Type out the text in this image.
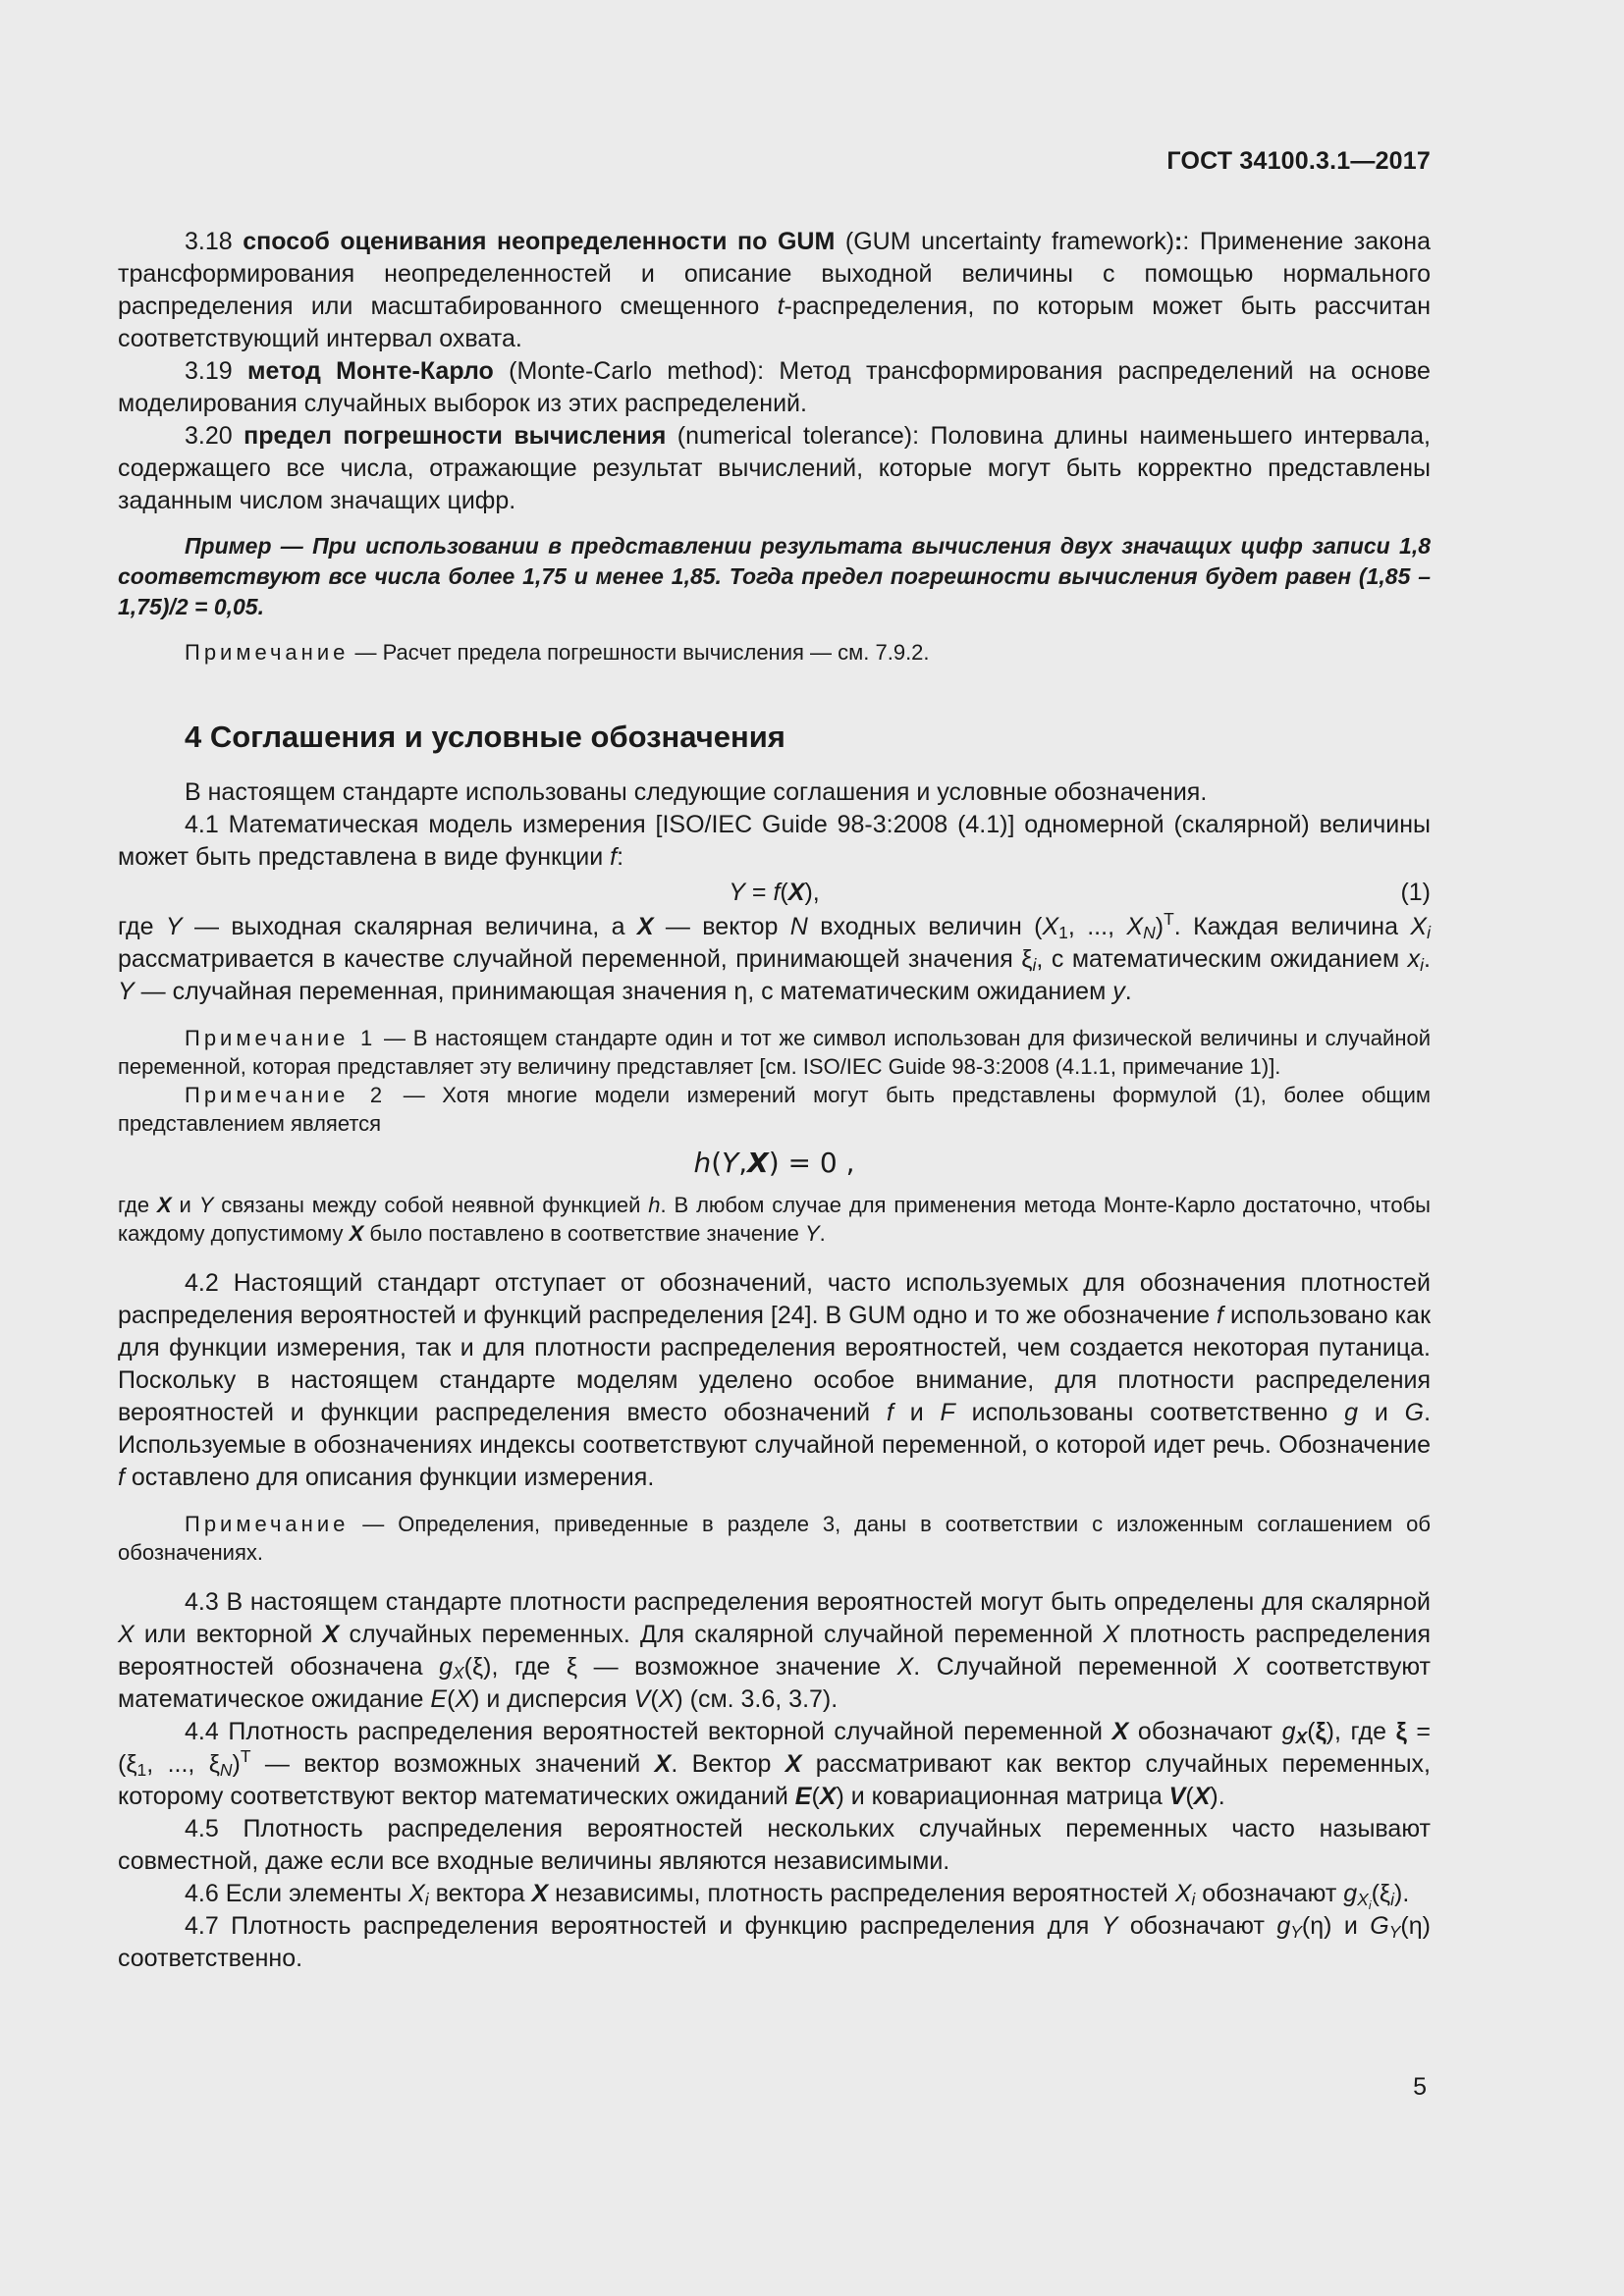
ГОСТ 34100.3.1—2017

3.18 способ оценивания неопределенности по GUM (GUM uncertainty framework):: Применение закона трансформирования неопределенностей и описание выходной величины с помощью нормального распределения или масштабированного смещенного t-распределения, по которым может быть рассчитан соответствующий интервал охвата.

3.19 метод Монте-Карло (Monte-Carlo method): Метод трансформирования распределений на основе моделирования случайных выборок из этих распределений.

3.20 предел погрешности вычисления (numerical tolerance): Половина длины наименьшего интервала, содержащего все числа, отражающие результат вычислений, которые могут быть корректно представлены заданным числом значащих цифр.

Пример — При использовании в представлении результата вычисления двух значащих цифр записи 1,8 соответствуют все числа более 1,75 и менее 1,85. Тогда предел погрешности вычисления будет равен (1,85 – 1,75)/2 = 0,05.

Примечание — Расчет предела погрешности вычисления — см. 7.9.2.

4 Соглашения и условные обозначения

В настоящем стандарте использованы следующие соглашения и условные обозначения.

4.1 Математическая модель измерения [ISO/IEC Guide 98-3:2008 (4.1)] одномерной (скалярной) величины может быть представлена в виде функции f:

Y = f(X),	(1)

где Y — выходная скалярная величина, а X — вектор N входных величин ($X_1$, ..., $X_N)^T$. Каждая величина $X_i$ рассматривается в качестве случайной переменной, принимающей значения $\xi_i$, с математическим ожиданием $x_i$. Y — случайная переменная, принимающая значения η, с математическим ожиданием y.

Примечание 1 — В настоящем стандарте один и тот же символ использован для физической величины и случайной переменной, которая представляет эту величину представляет [см. ISO/IEC Guide 98-3:2008 (4.1.1, примечание 1)].

Примечание 2 — Хотя многие модели измерений могут быть представлены формулой (1), более общим представлением является

h(Y,X) = 0 ,

где X и Y связаны между собой неявной функцией h. В любом случае для применения метода Монте-Карло достаточно, чтобы каждому допустимому X было поставлено в соответствие значение Y.

4.2 Настоящий стандарт отступает от обозначений, часто используемых для обозначения плотностей распределения вероятностей и функций распределения [24]. В GUM одно и то же обозначение f использовано как для функции измерения, так и для плотности распределения вероятностей, чем создается некоторая путаница. Поскольку в настоящем стандарте моделям уделено особое внимание, для плотности распределения вероятностей и функции распределения вместо обозначений f и F использованы соответственно g и G. Используемые в обозначениях индексы соответствуют случайной переменной, о которой идет речь. Обозначение f оставлено для описания функции измерения.

Примечание — Определения, приведенные в разделе 3, даны в соответствии с изложенным соглашением об обозначениях.

4.3 В настоящем стандарте плотности распределения вероятностей могут быть определены для скалярной X или векторной X случайных переменных. Для скалярной случайной переменной X плотность распределения вероятностей обозначена $g_X(\xi)$, где ξ — возможное значение X. Случайной переменной X соответствуют математическое ожидание E(X) и дисперсия V(X) (см. 3.6, 3.7).

4.4 Плотность распределения вероятностей векторной случайной переменной X обозначают $g_X(\xi)$, где $\xi = (\xi_1$, ..., $\xi_N)^T$ — вектор возможных значений X. Вектор X рассматривают как вектор случайных переменных, которому соответствуют вектор математических ожиданий E(X) и ковариационная матрица V(X).

4.5 Плотность распределения вероятностей нескольких случайных переменных часто называют совместной, даже если все входные величины являются независимыми.

4.6 Если элементы $X_i$ вектора X независимы, плотность распределения вероятностей $X_i$ обозначают $g_{X_i}(\xi_i)$.

4.7 Плотность распределения вероятностей и функцию распределения для Y обозначают $g_Y(\eta)$ и $G_Y(\eta)$ соответственно.

5
